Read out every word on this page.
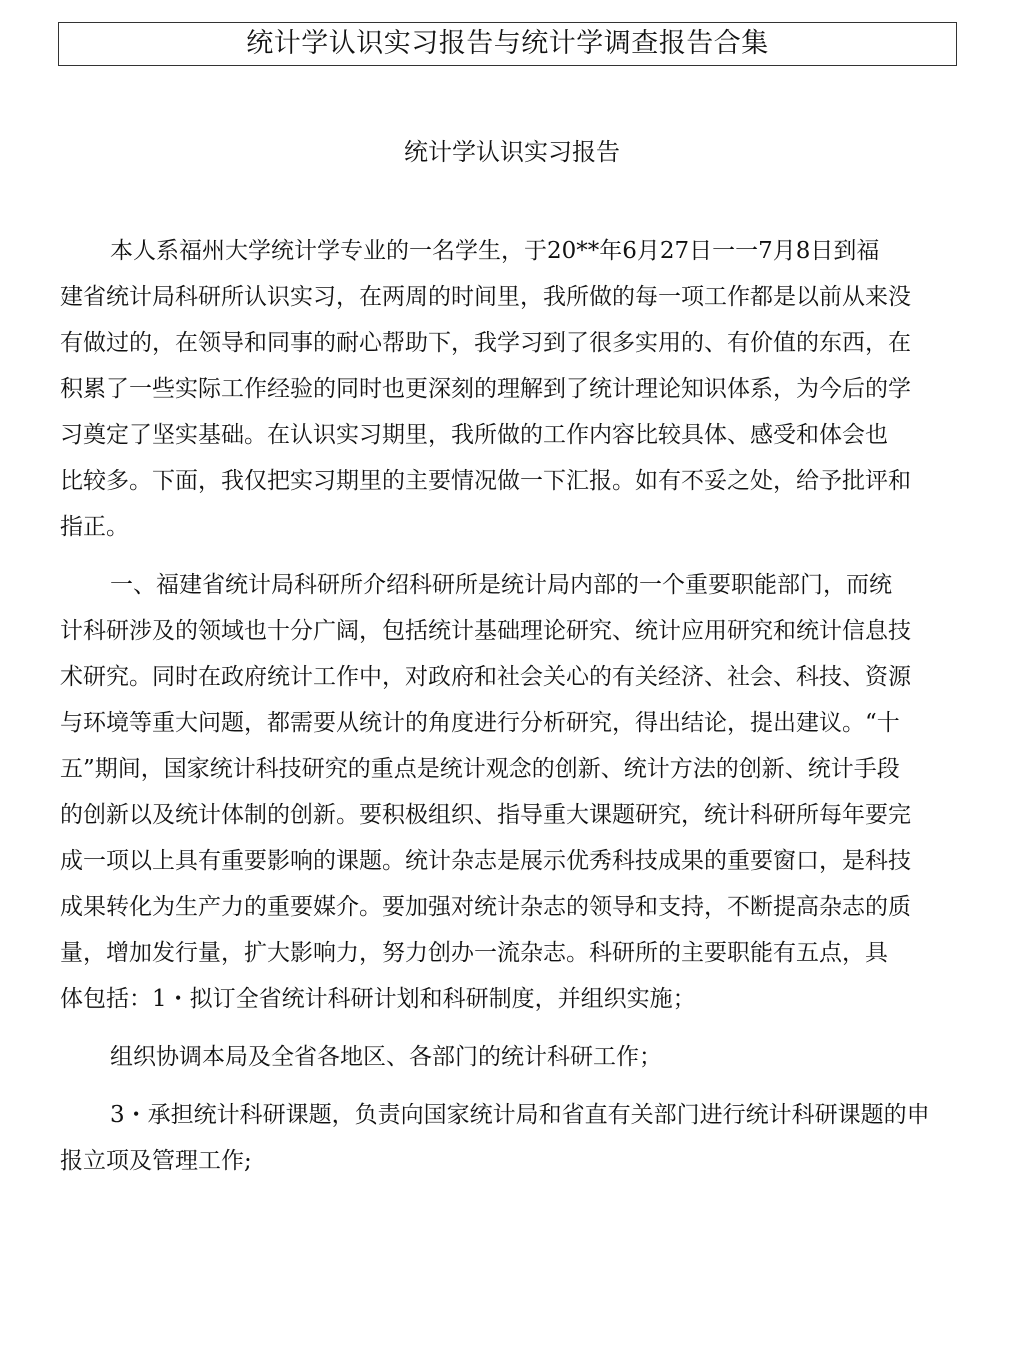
统计学认识实习报告与统计学调查报告合集
统计学认识实习报告
本人系福州大学统计学专业的一名学生，于20**年6月27日一一7月8日到福
建省统计局科研所认识实习，在两周的时间里，我所做的每一项工作都是以前从来没
有做过的，在领导和同事的耐心帮助下，我学习到了很多实用的、有价值的东西，在
积累了一些实际工作经验的同时也更深刻的理解到了统计理论知识体系，为今后的学
习奠定了坚实基础。在认识实习期里，我所做的工作内容比较具体、感受和体会也
比较多。下面，我仅把实习期里的主要情况做一下汇报。如有不妥之处，给予批评和
指正。
一、福建省统计局科研所介绍科研所是统计局内部的一个重要职能部门，而统
计科研涉及的领域也十分广阔，包括统计基础理论研究、统计应用研究和统计信息技
术研究。同时在政府统计工作中，对政府和社会关心的有关经济、社会、科技、资源
与环境等重大问题，都需要从统计的角度进行分析研究，得出结论，提出建议。“十
五”期间，国家统计科技研究的重点是统计观念的创新、统计方法的创新、统计手段
的创新以及统计体制的创新。要积极组织、指导重大课题研究，统计科研所每年要完
成一项以上具有重要影响的课题。统计杂志是展示优秀科技成果的重要窗口，是科技
成果转化为生产力的重要媒介。要加强对统计杂志的领导和支持，不断提高杂志的质
量，增加发行量，扩大影响力，努力创办一流杂志。科研所的主要职能有五点，具
体包括：1・拟订全省统计科研计划和科研制度，并组织实施；
组织协调本局及全省各地区、各部门的统计科研工作；
3・承担统计科研课题，负责向国家统计局和省直有关部门进行统计科研课题的申
报立项及管理工作;
